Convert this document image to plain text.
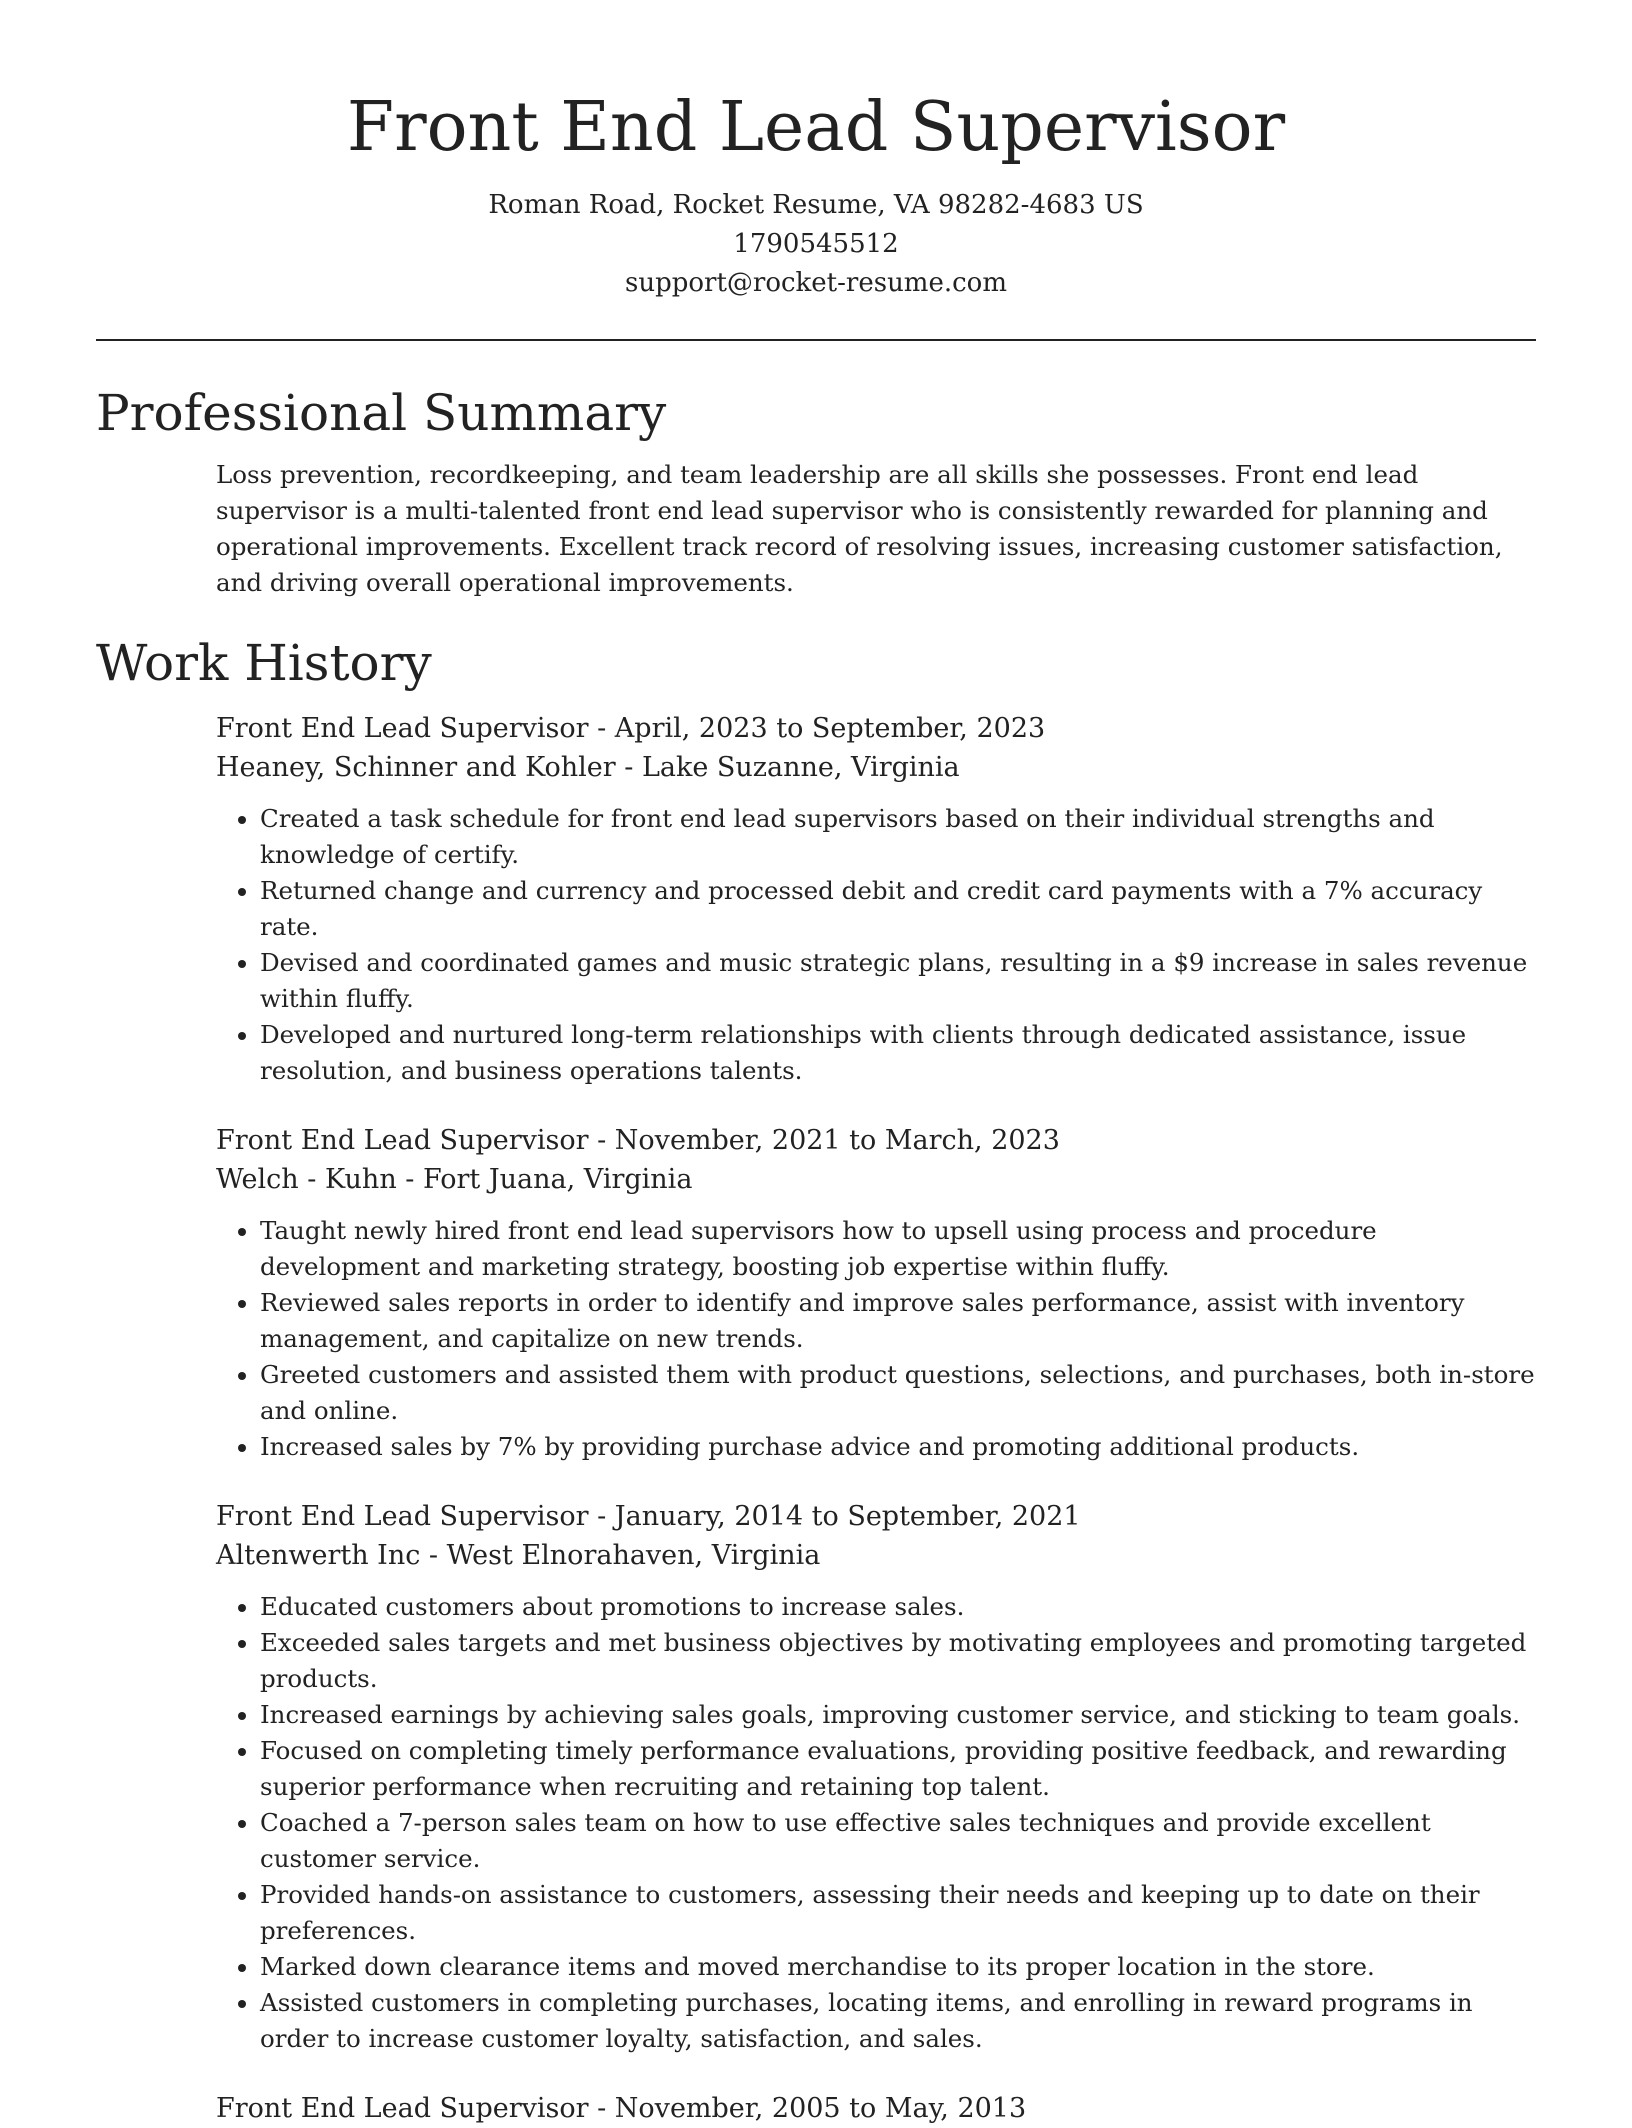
Front End Lead Supervisor
Roman Road, Rocket Resume, VA 98282-4683 US
1790545512
support@rocket-resume.com
Professional Summary

Loss prevention, recordkeeping, and team leadership are all skills she possesses. Front end lead supervisor is a multi-talented front end lead supervisor who is consistently rewarded for planning and operational improvements. Excellent track record of resolving issues, increasing customer satisfaction, and driving overall operational improvements.

Work History
Front End Lead Supervisor - April, 2023 to September, 2023
Heaney, Schinner and Kohler - Lake Suzanne, Virginia
• Created a task schedule for front end lead supervisors based on their individual strengths and knowledge of certify.
• Returned change and currency and processed debit and credit card payments with a 7% accuracy rate.
• Devised and coordinated games and music strategic plans, resulting in a $9 increase in sales revenue within fluffy.
• Developed and nurtured long-term relationships with clients through dedicated assistance, issue resolution, and business operations talents.
Front End Lead Supervisor - November, 2021 to March, 2023
Welch - Kuhn - Fort Juana, Virginia
• Taught newly hired front end lead supervisors how to upsell using process and procedure development and marketing strategy, boosting job expertise within fluffy.
• Reviewed sales reports in order to identify and improve sales performance, assist with inventory management, and capitalize on new trends.
• Greeted customers and assisted them with product questions, selections, and purchases, both in-store and online.
• Increased sales by 7% by providing purchase advice and promoting additional products.
Front End Lead Supervisor - January, 2014 to September, 2021
Altenwerth Inc - West Elnorahaven, Virginia
• Educated customers about promotions to increase sales.
• Exceeded sales targets and met business objectives by motivating employees and promoting targeted products.
• Increased earnings by achieving sales goals, improving customer service, and sticking to team goals.
• Focused on completing timely performance evaluations, providing positive feedback, and rewarding superior performance when recruiting and retaining top talent.
• Coached a 7-person sales team on how to use effective sales techniques and provide excellent customer service.
• Provided hands-on assistance to customers, assessing their needs and keeping up to date on their preferences.
• Marked down clearance items and moved merchandise to its proper location in the store.
• Assisted customers in completing purchases, locating items, and enrolling in reward programs in order to increase customer loyalty, satisfaction, and sales.
Front End Lead Supervisor - November, 2005 to May, 2013
